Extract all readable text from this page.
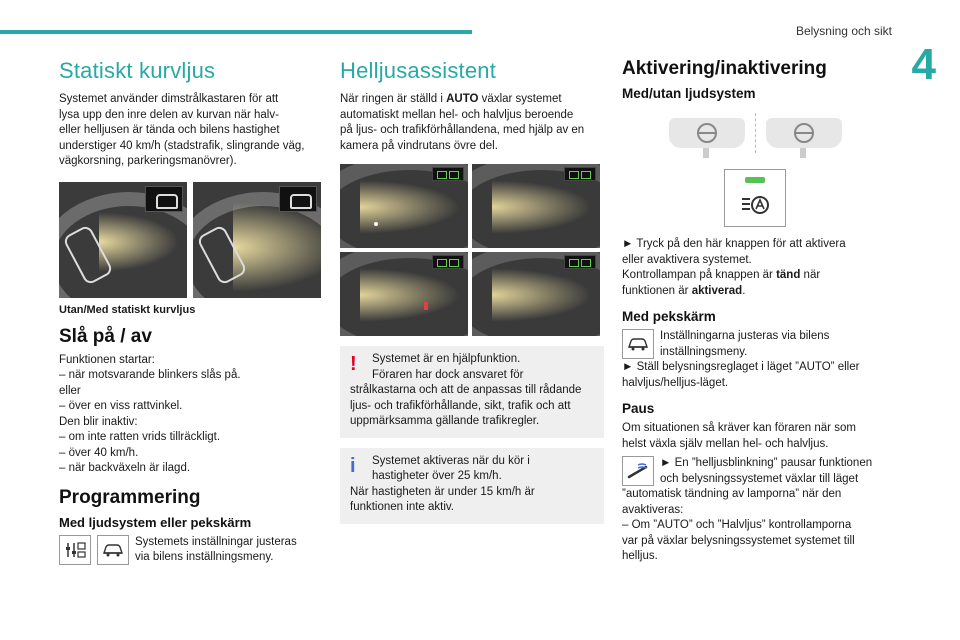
Belysning och sikt
4
Statiskt kurvljus

Systemet använder dimstrålkastaren för att
lysa upp den inre delen av kurvan när halv-
eller helljusen är tända och bilens hastighet
understiger 40 km/h (stadstrafik, slingrande väg,
vägkorsning, parkeringsmanövrer).

Utan/Med statiskt kurvljus
Slå på / av

Funktionen startar:
– när motsvarande blinkers slås på.
eller
– över en viss rattvinkel.
Den blir inaktiv:
– om inte ratten vrids tillräckligt.
– över 40 km/h.
– när backväxeln är ilagd.

Programmering
Med ljudsystem eller pekskärm

Systemets inställningar justeras
via bilens inställningsmeny.

Helljusassistent

När ringen är ställd i AUTO växlar systemet
automatiskt mellan hel- och halvljus beroende
på ljus- och trafikförhållandena, med hjälp av en
kamera på vindrutans övre del.

!	Systemet är en hjälpfunktion.
Föraren har dock ansvaret för

strålkastarna och att de anpassas till rådande
ljus- och trafikförhållande, sikt, trafik och att
uppmärksamma gällande trafikregler.

i	Systemet aktiveras när du kör i
hastigheter över 25 km/h.

När hastigheten är under 15 km/h är
funktionen inte aktiv.

Aktivering/inaktivering
Med/utan ljudsystem

► Tryck på den här knappen för att aktivera
eller avaktivera systemet.

Kontrollampan på knappen är tänd när
funktionen är aktiverad.

Med pekskärm

Inställningarna justeras via bilens
inställningsmeny.

► Ställ belysningsreglaget i läget ”AUTO” eller
halvljus/helljus-läget.

Paus

Om situationen så kräver kan föraren när som
helst växla själv mellan hel- och halvljus.

► En ”helljusblinkning” pausar funktionen
och belysningssystemet växlar till läget

”automatisk tändning av lamporna” när den
avaktiveras:
– Om ”AUTO” och ”Halvljus” kontrollamporna
var på växlar belysningssystemet systemet till
helljus.
